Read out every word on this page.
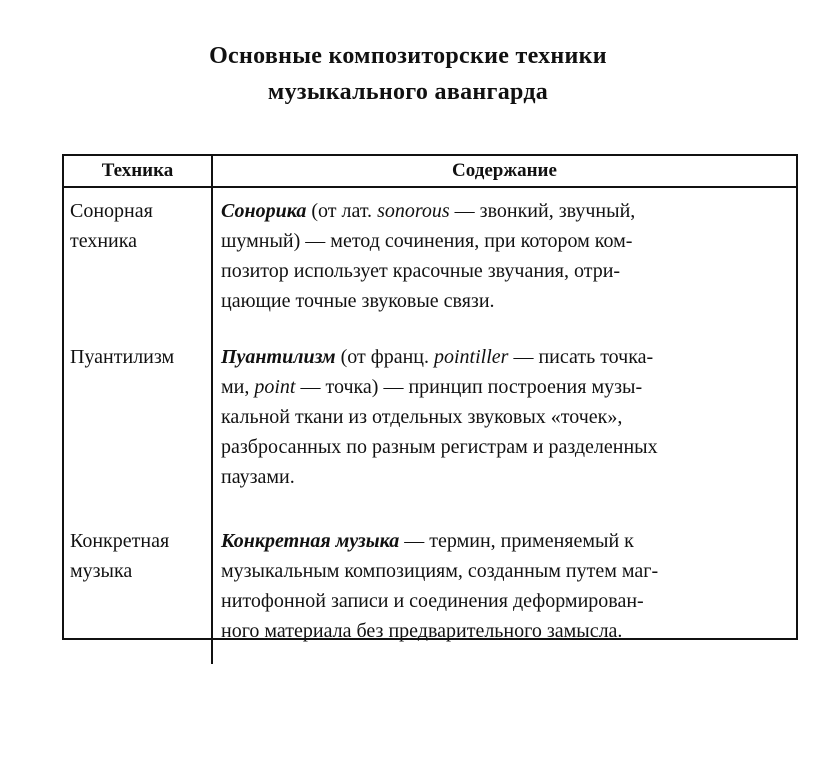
Основные композиторские техники
музыкального авангарда
Техника	Содержание

Сонорная
техника	Сонорика (от лат. sonorous — звонкий, звучный,
шумный) — метод сочинения, при котором ком-
позитор использует красочные звучания, отри-
цающие точные звуковые связи.

Пуантилизм	Пуантилизм (от франц. pointiller — писать точка-
ми, point — точка) — принцип построения музы-
кальной ткани из отдельных звуковых «точек»,
разбросанных по разным регистрам и разделенных
паузами.

Конкретная
музыка	Конкретная музыка — термин, применяемый к
музыкальным композициям, созданным путем маг-
нитофонной записи и соединения деформирован-
ного материала без предварительного замысла.
